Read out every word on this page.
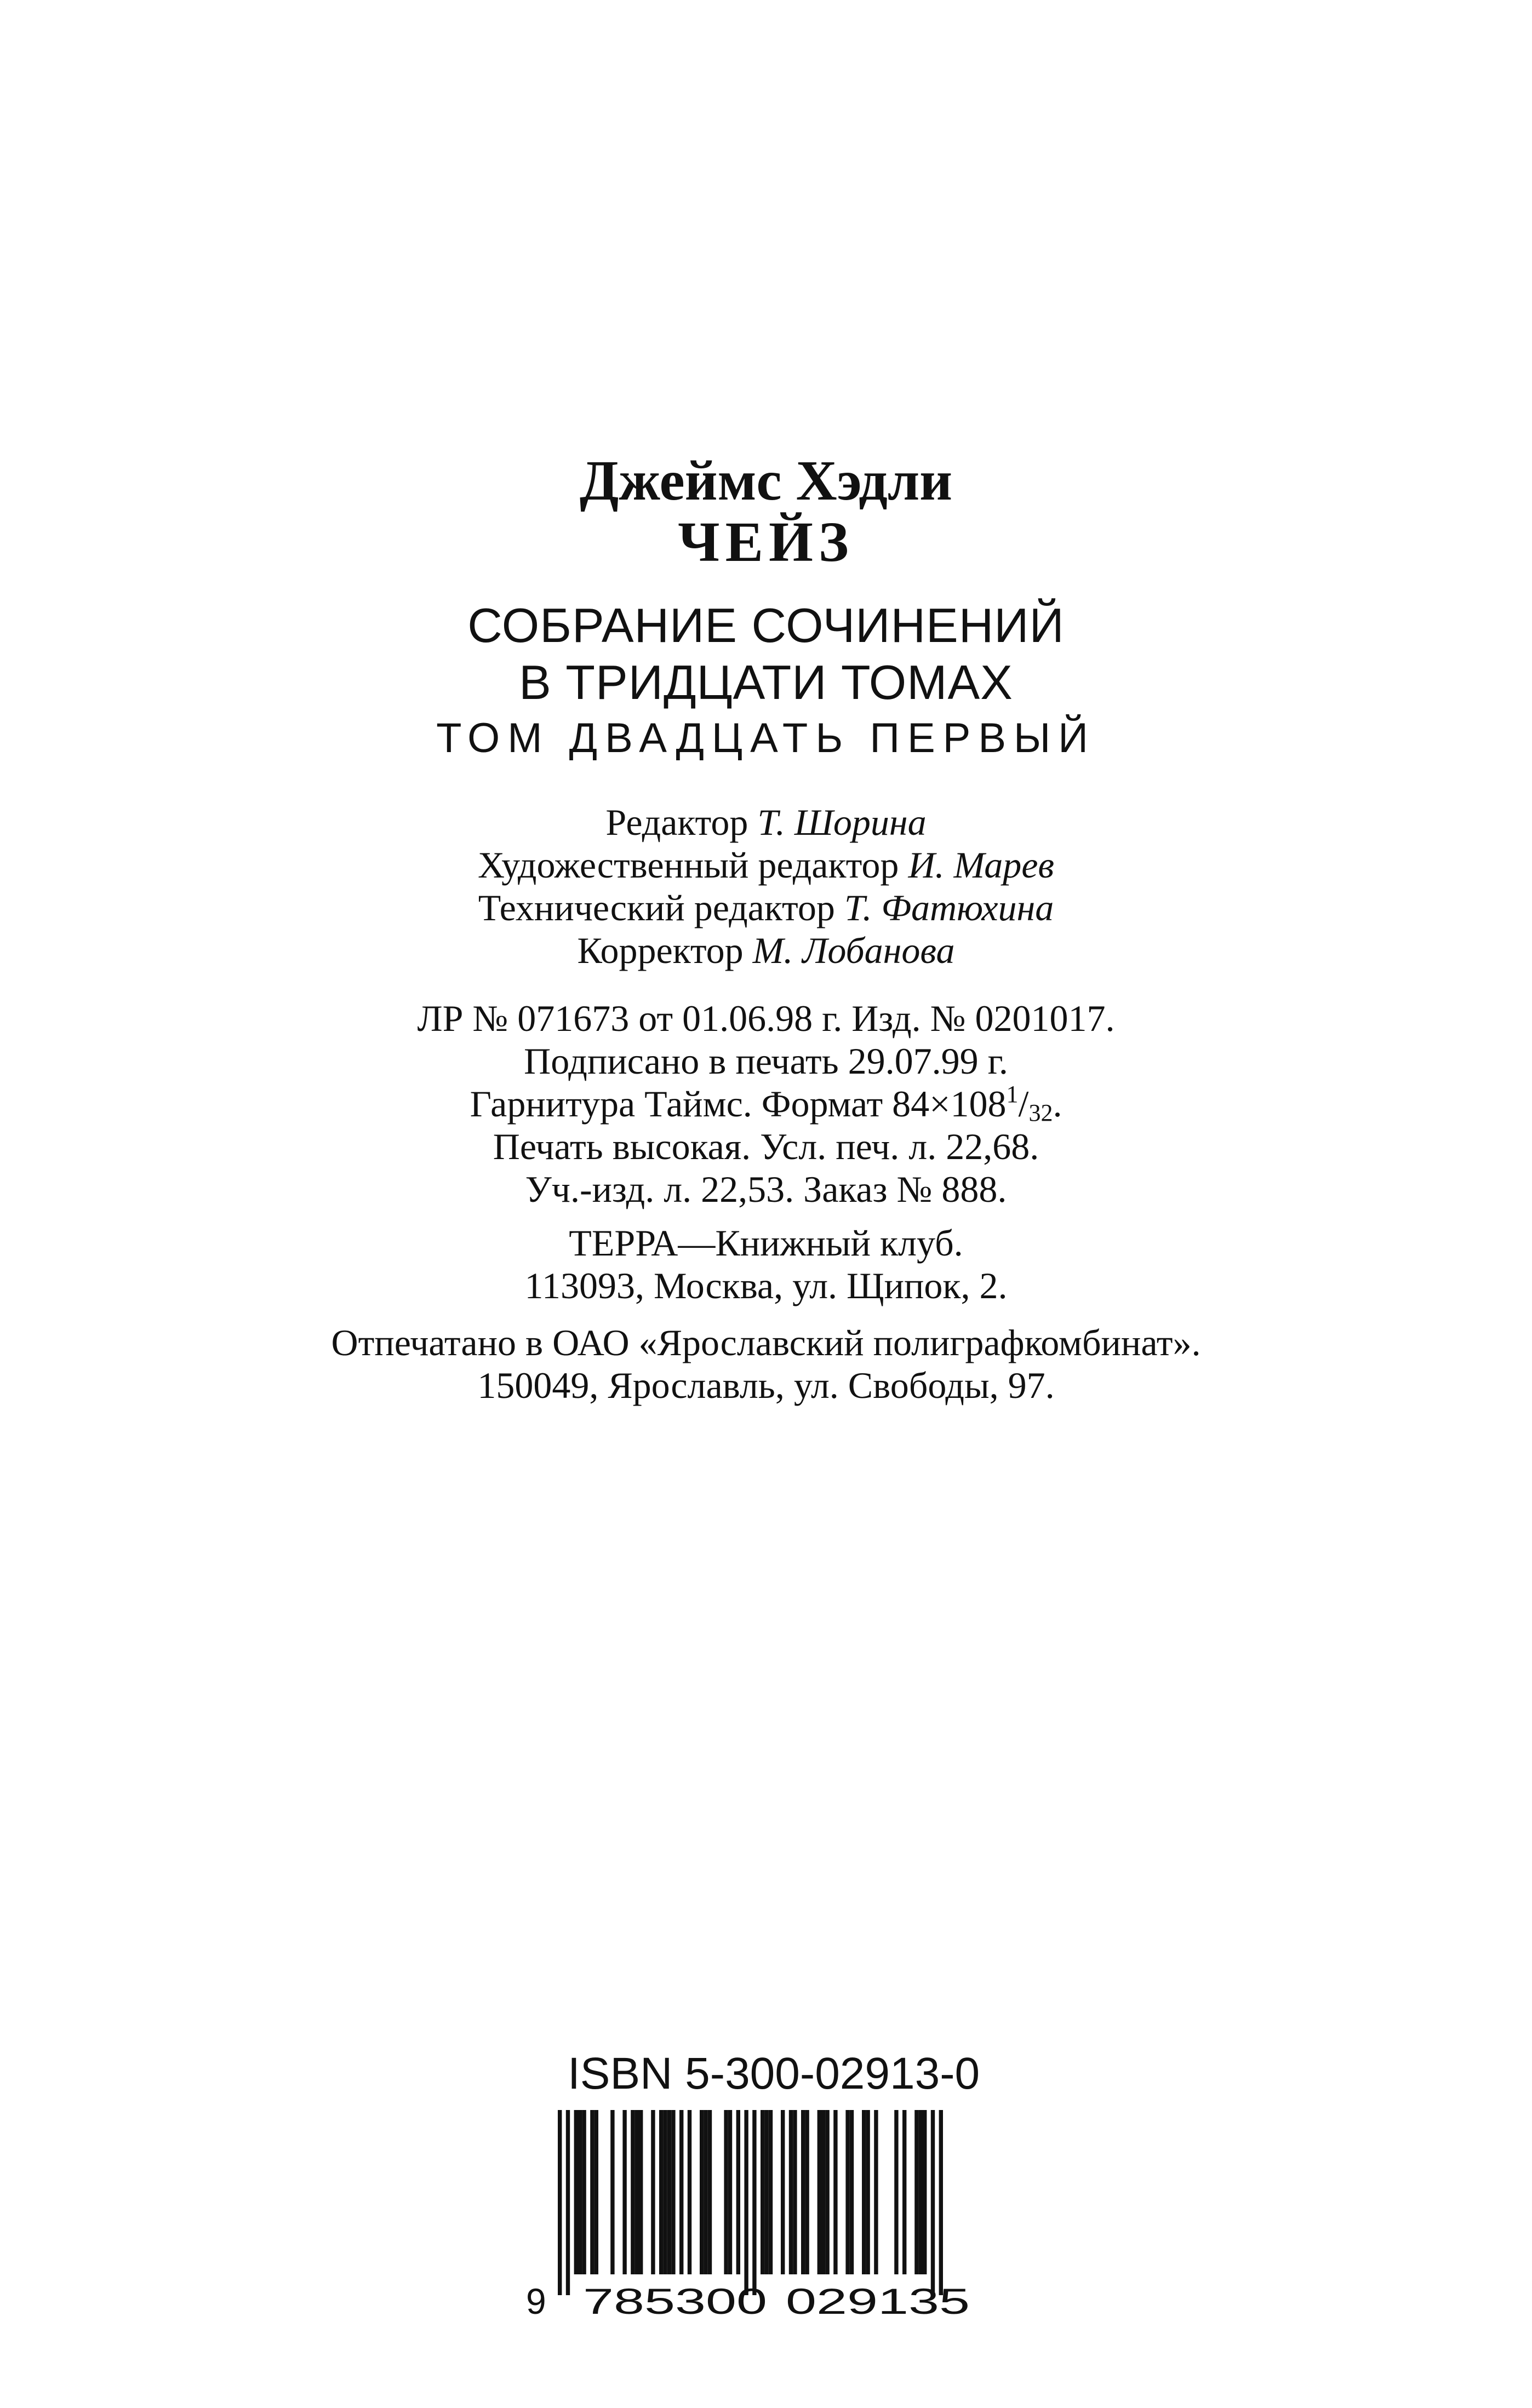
Джеймс Хэдли
ЧЕЙЗ
СОБРАНИЕ СОЧИНЕНИЙ
В ТРИДЦАТИ ТОМАХ
ТОМ ДВАДЦАТЬ ПЕРВЫЙ
Редактор Т. Шорина
Художественный редактор И. Марев
Технический редактор Т. Фатюхина
Корректор М. Лобанова
ЛР № 071673 от 01.06.98 г. Изд. № 0201017.
Подписано в печать 29.07.99 г.
Гарнитура Таймс. Формат $84\times 108^1/_{32}$.
Печать высокая. Усл. печ. л. 22,68.
Уч.-изд. л. 22,53. Заказ № 888.
ТЕРРА—Книжный клуб.
113093, Москва, ул. Щипок, 2.
Отпечатано в ОАО «Ярославский полиграфкомбинат».
150049, Ярославль, ул. Свободы, 97.
ISBN 5-300-02913-0
9 785300 029135
